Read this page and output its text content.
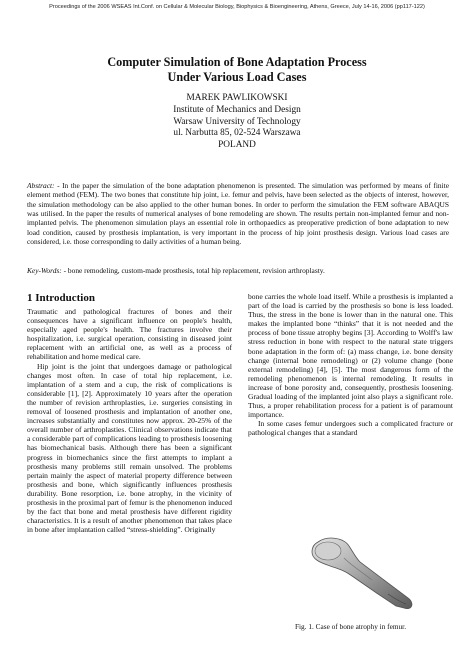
Proceedings of the 2006 WSEAS Int.Conf. on Cellular & Molecular Biology, Biophysics & Bioengineering, Athens, Greece, July 14-16, 2006 (pp117-122)
Computer Simulation of Bone Adaptation Process
Under Various Load Cases
MAREK PAWLIKOWSKI
Institute of Mechanics and Design
Warsaw University of Technology
ul. Narbutta 85, 02-524 Warszawa
POLAND
Abstract: - In the paper the simulation of the bone adaptation phenomenon is presented. The simulation was performed by means of finite element method (FEM). The two bones that constitute hip joint, i.e. femur and pelvis, have been selected as the objects of interest, however, the simulation methodology can be also applied to the other human bones. In order to perform the simulation the FEM software ABAQUS was utilised. In the paper the results of numerical analyses of bone remodeling are shown. The results pertain non-implanted femur and non-implanted pelvis. The phenomenon simulation plays an essential role in orthopaedics as preoperative prediction of bone adaptation to new load condition, caused by prosthesis implantation, is very important in the process of hip joint prosthesis design. Various load cases are considered, i.e. those corresponding to daily activities of a human being.
Key-Words: - bone remodeling, custom-made prosthesis, total hip replacement, revision arthroplasty.
1 Introduction

Traumatic and pathological fractures of bones and their consequences have a significant influence on people's health, especially aged people's health. The fractures involve their hospitalization, i.e. surgical operation, consisting in diseased joint replacement with an artificial one, as well as a process of rehabilitation and home medical care.

Hip joint is the joint that undergoes damage or pathological changes most often. In case of total hip replacement, i.e. implantation of a stem and a cup, the risk of complications is considerable [1], [2]. Approximately 10 years after the operation the number of revision arthroplasties, i.e. surgeries consisting in removal of loosened prosthesis and implantation of another one, increases substantially and constitutes now approx. 20-25% of the overall number of arthroplasties. Clinical observations indicate that a considerable part of complications leading to prosthesis loosening has biomechanical basis. Although there has been a significant progress in biomechanics since the first attempts to implant a prosthesis many problems still remain unsolved. The problems pertain mainly the aspect of material property difference between prosthesis and bone, which significantly influences prosthesis durability. Bone resorption, i.e. bone atrophy, in the vicinity of prosthesis in the proximal part of femur is the phenomenon induced by the fact that bone and metal prosthesis have different rigidity characteristics. It is a result of another phenomenon that takes place in bone after implantation called “stress-shielding”. Originally

bone carries the whole load itself. While a prosthesis is implanted a part of the load is carried by the prosthesis so bone is less loaded. Thus, the stress in the bone is lower than in the natural one. This makes the implanted bone “thinks” that it is not needed and the process of bone tissue atrophy begins [3]. According to Wolff's law stress reduction in bone with respect to the natural state triggers bone adaptation in the form of: (a) mass change, i.e. bone density change (internal bone remodeling) or (2) volume change (bone external remodeling) [4], [5]. The most dangerous form of the remodeling phenomenon is internal remodeling. It results in increase of bone porosity and, consequently, prosthesis loosening. Gradual loading of the implanted joint also plays a significant role. Thus, a proper rehabilitation process for a patient is of paramount importance.

In some cases femur undergoes such a complicated fracture or pathological changes that a standard

Fig. 1. Case of bone atrophy in femur.
